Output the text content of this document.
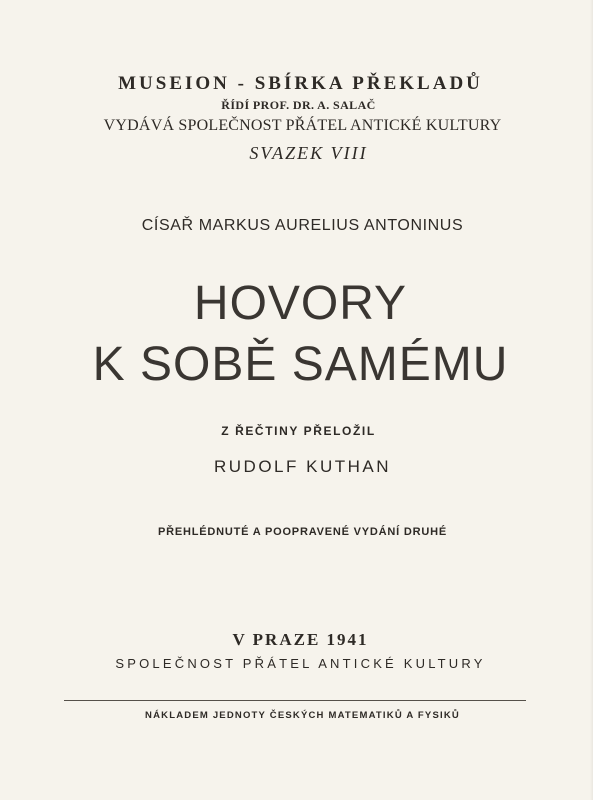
MUSEION - SBÍRKA PŘEKLADŮ
ŘÍDÍ PROF. DR. A. SALAČ
VYDÁVÁ SPOLEČNOST PŘÁTEL ANTICKÉ KULTURY
SVAZEK VIII
CÍSAŘ MARKUS AURELIUS ANTONINUS
HOVORY
K SOBĚ SAMÉMU
Z ŘEČTINY PŘELOŽIL
RUDOLF KUTHAN
PŘEHLÉDNUTÉ A POOPRAVENÉ VYDÁNÍ DRUHÉ
V PRAZE 1941
SPOLEČNOST PŘÁTEL ANTICKÉ KULTURY
NÁKLADEM JEDNOTY ČESKÝCH MATEMATIKŮ A FYSIKŮ
